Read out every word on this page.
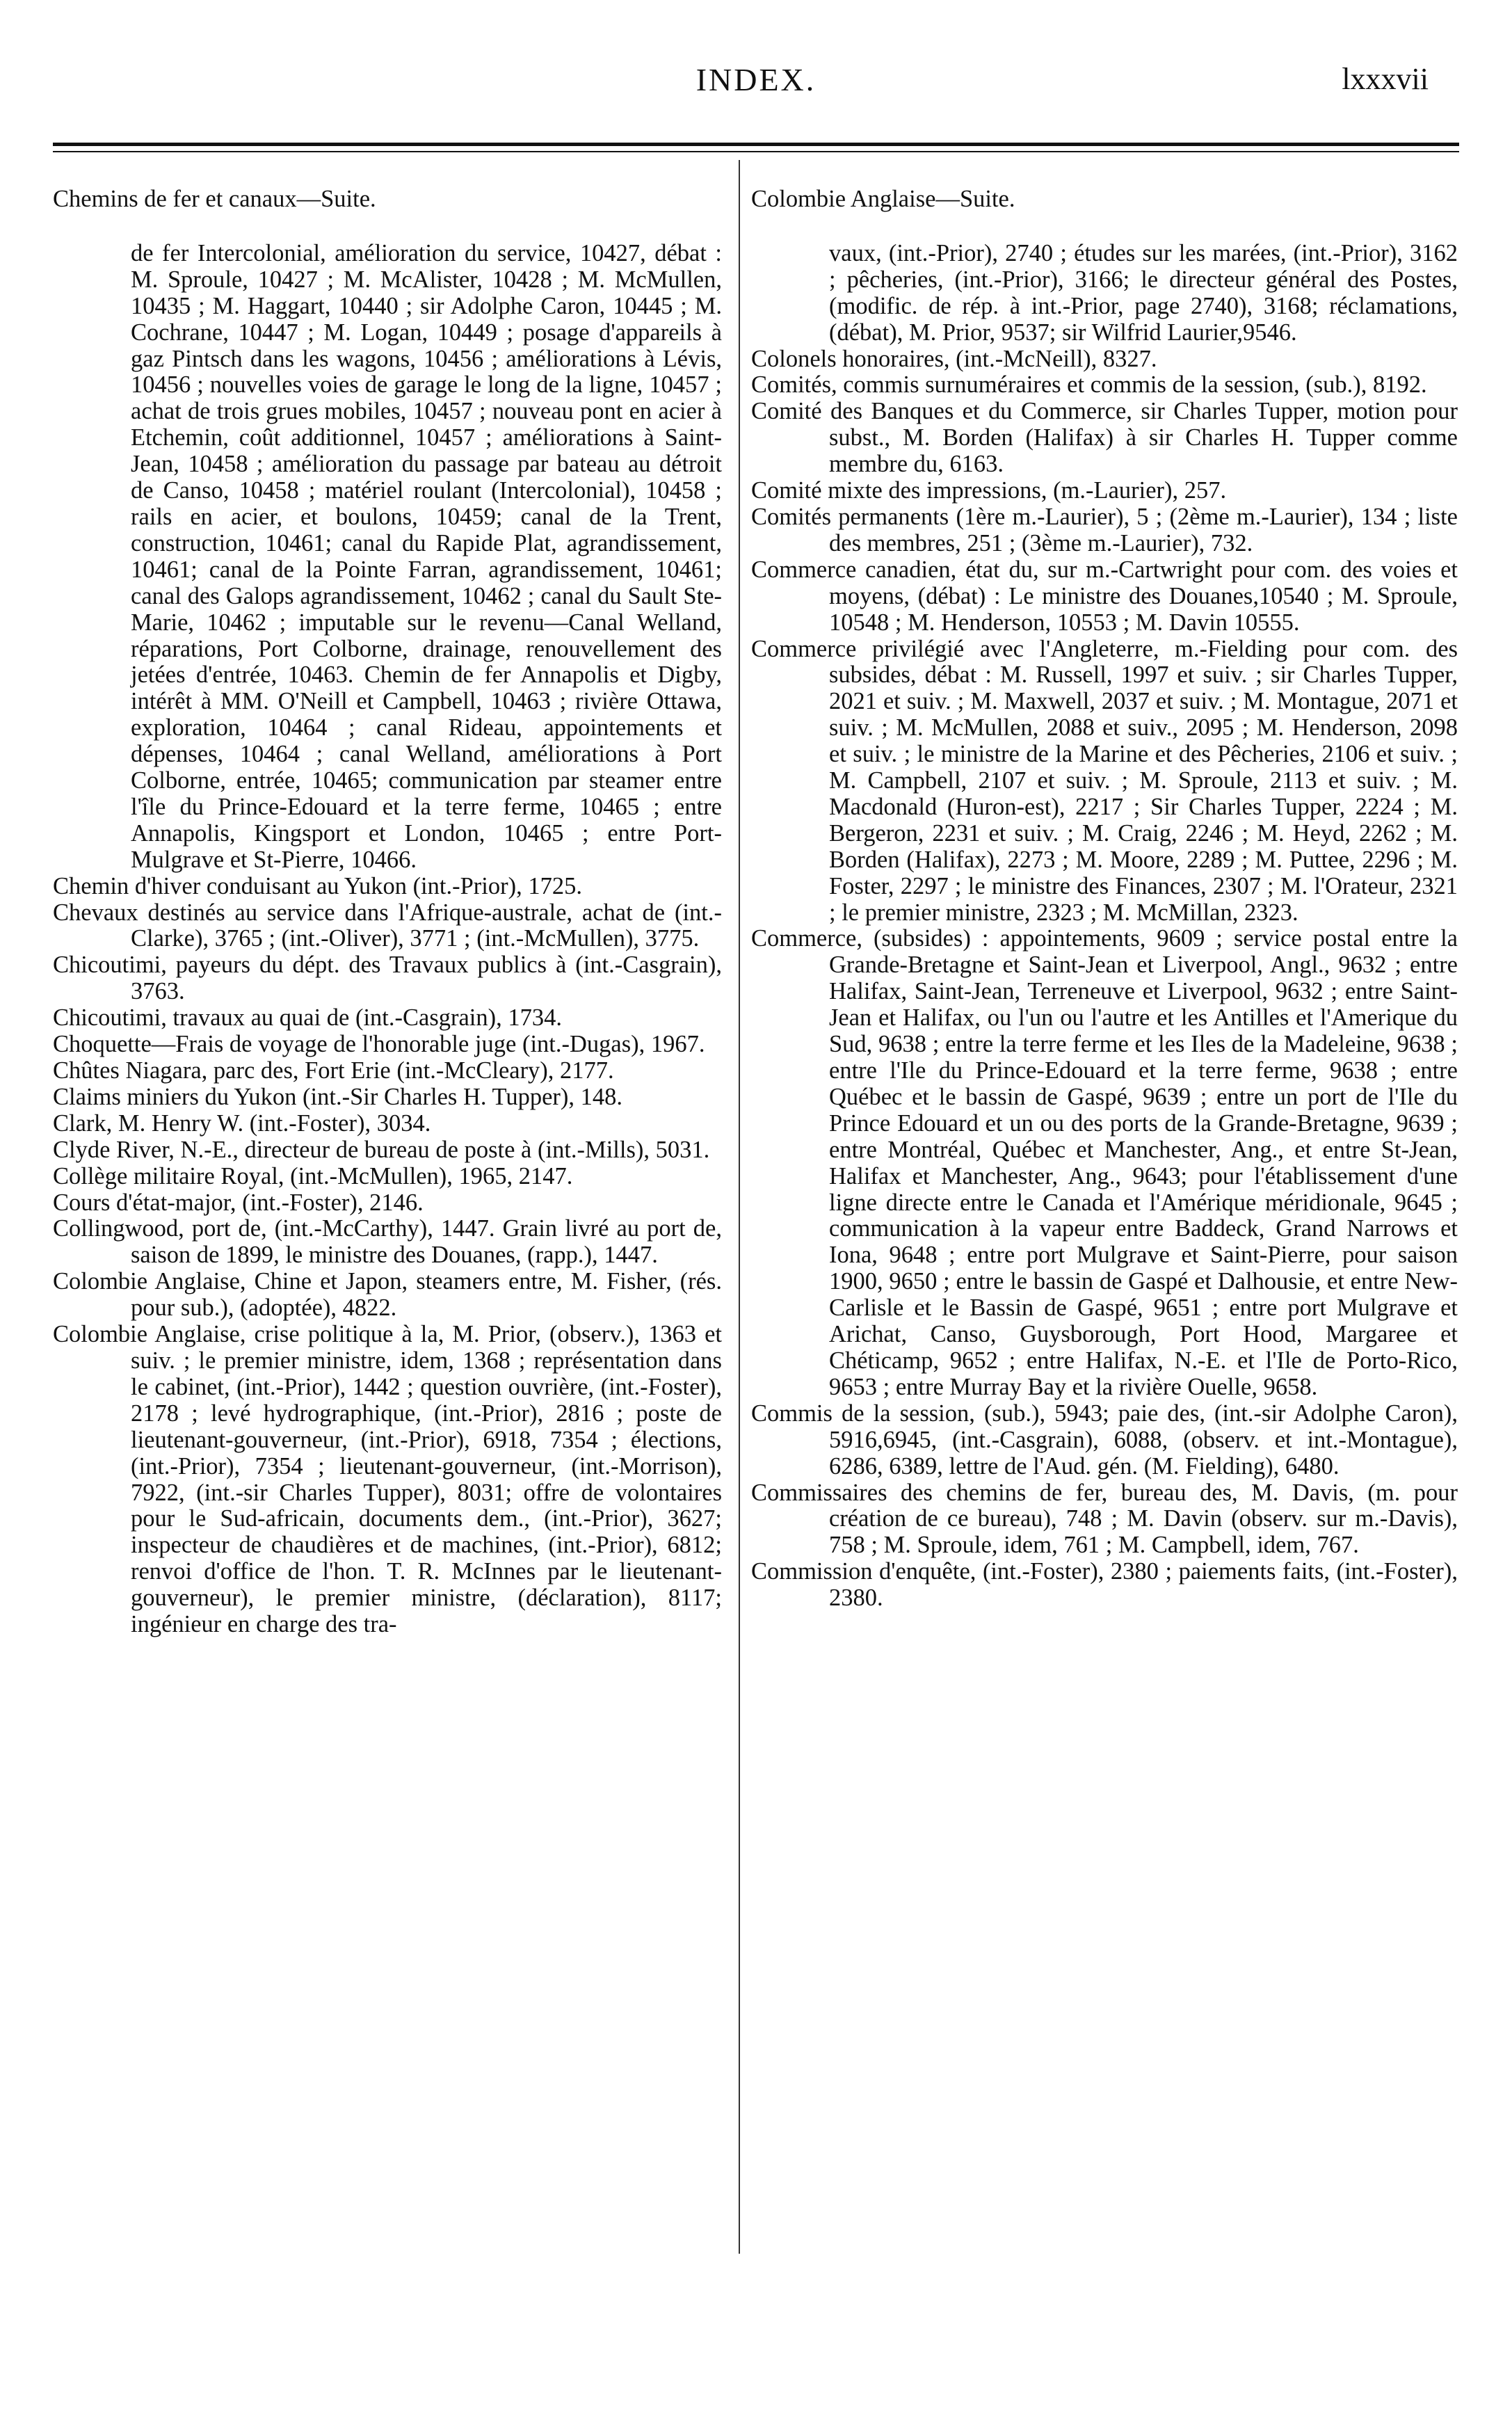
INDEX.	lxxxvii

Chemins de fer et canaux—Suite.

de fer Intercolonial, amélioration du service, 10427, débat : M. Sproule, 10427 ; M. McAlister, 10428 ; M. McMullen, 10435 ; M. Haggart, 10440 ; sir Adolphe Caron, 10445 ; M. Cochrane, 10447 ; M. Logan, 10449 ; posage d'appareils à gaz Pintsch dans les wagons, 10456 ; améliorations à Lévis, 10456 ; nouvelles voies de garage le long de la ligne, 10457 ; achat de trois grues mobiles, 10457 ; nouveau pont en acier à Etchemin, coût additionnel, 10457 ; améliorations à Saint-Jean, 10458 ; amélioration du passage par bateau au détroit de Canso, 10458 ; matériel roulant (Intercolonial), 10458 ; rails en acier, et boulons, 10459; canal de la Trent, construction, 10461; canal du Rapide Plat, agrandissement, 10461; canal de la Pointe Farran, agrandissement, 10461; canal des Galops agrandissement, 10462 ; canal du Sault Ste-Marie, 10462 ; imputable sur le revenu—Canal Welland, réparations, Port Colborne, drainage, renouvellement des jetées d'entrée, 10463. Chemin de fer Annapolis et Digby, intérêt à MM. O'Neill et Campbell, 10463 ; rivière Ottawa, exploration, 10464 ; canal Rideau, appointements et dépenses, 10464 ; canal Welland, améliorations à Port Colborne, entrée, 10465; communication par steamer entre l'île du Prince-Edouard et la terre ferme, 10465 ; entre Annapolis, Kingsport et London, 10465 ; entre Port-Mulgrave et St-Pierre, 10466.

Chemin d'hiver conduisant au Yukon (int.-Prior), 1725.

Chevaux destinés au service dans l'Afrique-australe, achat de (int.-Clarke), 3765 ; (int.-Oliver), 3771 ; (int.-McMullen), 3775.

Chicoutimi, payeurs du dépt. des Travaux publics à (int.-Casgrain), 3763.

Chicoutimi, travaux au quai de (int.-Casgrain), 1734.

Choquette—Frais de voyage de l'honorable juge (int.-Dugas), 1967.

Chûtes Niagara, parc des, Fort Erie (int.-McCleary), 2177.

Claims miniers du Yukon (int.-Sir Charles H. Tupper), 148.

Clark, M. Henry W. (int.-Foster), 3034.

Clyde River, N.-E., directeur de bureau de poste à (int.-Mills), 5031.

Collège militaire Royal, (int.-McMullen), 1965, 2147.

Cours d'état-major, (int.-Foster), 2146.

Collingwood, port de, (int.-McCarthy), 1447. Grain livré au port de, saison de 1899, le ministre des Douanes, (rapp.), 1447.

Colombie Anglaise, Chine et Japon, steamers entre, M. Fisher, (rés. pour sub.), (adoptée), 4822.

Colombie Anglaise, crise politique à la, M. Prior, (observ.), 1363 et suiv. ; le premier ministre, idem, 1368 ; représentation dans le cabinet, (int.-Prior), 1442 ; question ouvrière, (int.-Foster), 2178 ; levé hydrographique, (int.-Prior), 2816 ; poste de lieutenant-gouverneur, (int.-Prior), 6918, 7354 ; élections, (int.-Prior), 7354 ; lieutenant-gouverneur, (int.-Morrison), 7922, (int.-sir Charles Tupper), 8031; offre de volontaires pour le Sud-africain, documents dem., (int.-Prior), 3627; inspecteur de chaudières et de machines, (int.-Prior), 6812; renvoi d'office de l'hon. T. R. McInnes par le lieutenant-gouverneur), le premier ministre, (déclaration), 8117; ingénieur en charge des tra-

Colombie Anglaise—Suite.

vaux, (int.-Prior), 2740 ; études sur les marées, (int.-Prior), 3162 ; pêcheries, (int.-Prior), 3166; le directeur général des Postes, (modific. de rép. à int.-Prior, page 2740), 3168; réclamations, (débat), M. Prior, 9537; sir Wilfrid Laurier,9546.

Colonels honoraires, (int.-McNeill), 8327.

Comités, commis surnuméraires et commis de la session, (sub.), 8192.

Comité des Banques et du Commerce, sir Charles Tupper, motion pour subst., M. Borden (Halifax) à sir Charles H. Tupper comme membre du, 6163.

Comité mixte des impressions, (m.-Laurier), 257.

Comités permanents (1ère m.-Laurier), 5 ; (2ème m.-Laurier), 134 ; liste des membres, 251 ; (3ème m.-Laurier), 732.

Commerce canadien, état du, sur m.-Cartwright pour com. des voies et moyens, (débat) : Le ministre des Douanes,10540 ; M. Sproule, 10548 ; M. Henderson, 10553 ; M. Davin 10555.

Commerce privilégié avec l'Angleterre, m.-Fielding pour com. des subsides, débat : M. Russell, 1997 et suiv. ; sir Charles Tupper, 2021 et suiv. ; M. Maxwell, 2037 et suiv. ; M. Montague, 2071 et suiv. ; M. McMullen, 2088 et suiv., 2095 ; M. Henderson, 2098 et suiv. ; le ministre de la Marine et des Pêcheries, 2106 et suiv. ; M. Campbell, 2107 et suiv. ; M. Sproule, 2113 et suiv. ; M. Macdonald (Huron-est), 2217 ; Sir Charles Tupper, 2224 ; M. Bergeron, 2231 et suiv. ; M. Craig, 2246 ; M. Heyd, 2262 ; M. Borden (Halifax), 2273 ; M. Moore, 2289 ; M. Puttee, 2296 ; M. Foster, 2297 ; le ministre des Finances, 2307 ; M. l'Orateur, 2321 ; le premier ministre, 2323 ; M. McMillan, 2323.

Commerce, (subsides) : appointements, 9609 ; service postal entre la Grande-Bretagne et Saint-Jean et Liverpool, Angl., 9632 ; entre Halifax, Saint-Jean, Terreneuve et Liverpool, 9632 ; entre Saint-Jean et Halifax, ou l'un ou l'autre et les Antilles et l'Amerique du Sud, 9638 ; entre la terre ferme et les Iles de la Madeleine, 9638 ; entre l'Ile du Prince-Edouard et la terre ferme, 9638 ; entre Québec et le bassin de Gaspé, 9639 ; entre un port de l'Ile du Prince Edouard et un ou des ports de la Grande-Bretagne, 9639 ; entre Montréal, Québec et Manchester, Ang., et entre St-Jean, Halifax et Manchester, Ang., 9643; pour l'établissement d'une ligne directe entre le Canada et l'Amérique méridionale, 9645 ; communication à la vapeur entre Baddeck, Grand Narrows et Iona, 9648 ; entre port Mulgrave et Saint-Pierre, pour saison 1900, 9650 ; entre le bassin de Gaspé et Dalhousie, et entre New-Carlisle et le Bassin de Gaspé, 9651 ; entre port Mulgrave et Arichat, Canso, Guysborough, Port Hood, Margaree et Chéticamp, 9652 ; entre Halifax, N.-E. et l'Ile de Porto-Rico, 9653 ; entre Murray Bay et la rivière Ouelle, 9658.

Commis de la session, (sub.), 5943; paie des, (int.-sir Adolphe Caron), 5916,6945, (int.-Casgrain), 6088, (observ. et int.-Montague), 6286, 6389, lettre de l'Aud. gén. (M. Fielding), 6480.

Commissaires des chemins de fer, bureau des, M. Davis, (m. pour création de ce bureau), 748 ; M. Davin (observ. sur m.-Davis), 758 ; M. Sproule, idem, 761 ; M. Campbell, idem, 767.

Commission d'enquête, (int.-Foster), 2380 ; paiements faits, (int.-Foster), 2380.
